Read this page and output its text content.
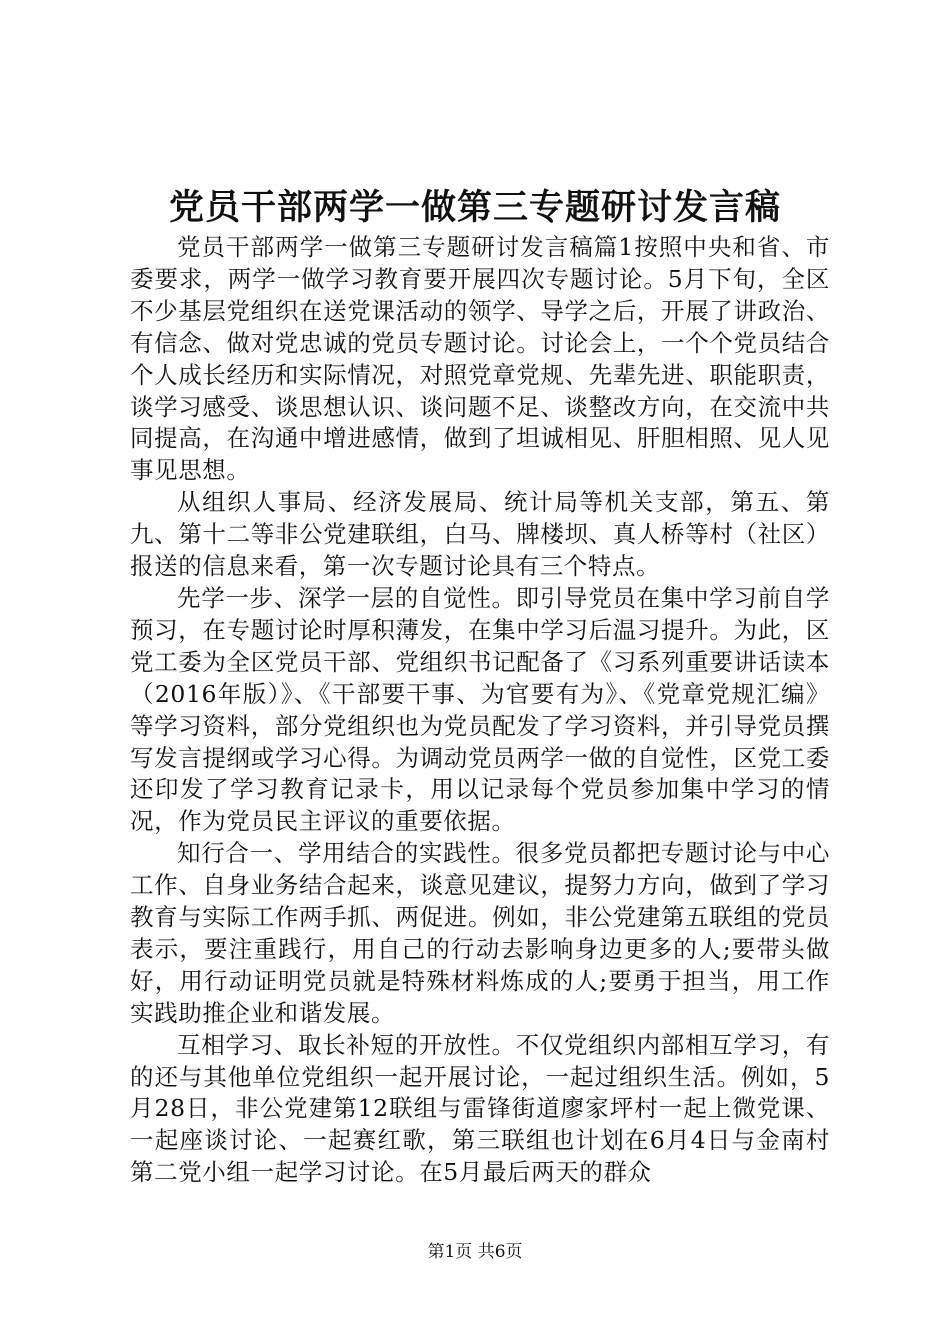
党员干部两学一做第三专题研讨发言稿

党员干部两学一做第三专题研讨发言稿篇1按照中央和省、市委要求，两学一做学习教育要开展四次专题讨论。5月下旬，全区不少基层党组织在送党课活动的领学、导学之后，开展了讲政治、有信念、做对党忠诚的党员专题讨论。讨论会上，一个个党员结合个人成长经历和实际情况，对照党章党规、先辈先进、职能职责，谈学习感受、谈思想认识、谈问题不足、谈整改方向，在交流中共同提高，在沟通中增进感情，做到了坦诚相见、肝胆相照、见人见事见思想。

从组织人事局、经济发展局、统计局等机关支部，第五、第九、第十二等非公党建联组，白马、牌楼坝、真人桥等村（社区）报送的信息来看，第一次专题讨论具有三个特点。

先学一步、深学一层的自觉性。即引导党员在集中学习前自学预习，在专题讨论时厚积薄发，在集中学习后温习提升。为此，区党工委为全区党员干部、党组织书记配备了《习系列重要讲话读本（2016年版）》、《干部要干事、为官要有为》、《党章党规汇编》等学习资料，部分党组织也为党员配发了学习资料，并引导党员撰写发言提纲或学习心得。为调动党员两学一做的自觉性，区党工委还印发了学习教育记录卡，用以记录每个党员参加集中学习的情况，作为党员民主评议的重要依据。

知行合一、学用结合的实践性。很多党员都把专题讨论与中心工作、自身业务结合起来，谈意见建议，提努力方向，做到了学习教育与实际工作两手抓、两促进。例如，非公党建第五联组的党员表示，要注重践行，用自己的行动去影响身边更多的人;要带头做好，用行动证明党员就是特殊材料炼成的人;要勇于担当，用工作实践助推企业和谐发展。

互相学习、取长补短的开放性。不仅党组织内部相互学习，有的还与其他单位党组织一起开展讨论，一起过组织生活。例如，5月28日，非公党建第12联组与雷锋街道廖家坪村一起上微党课、一起座谈讨论、一起赛红歌，第三联组也计划在6月4日与金南村第二党小组一起学习讨论。在5月最后两天的群众

第1页 共6页
